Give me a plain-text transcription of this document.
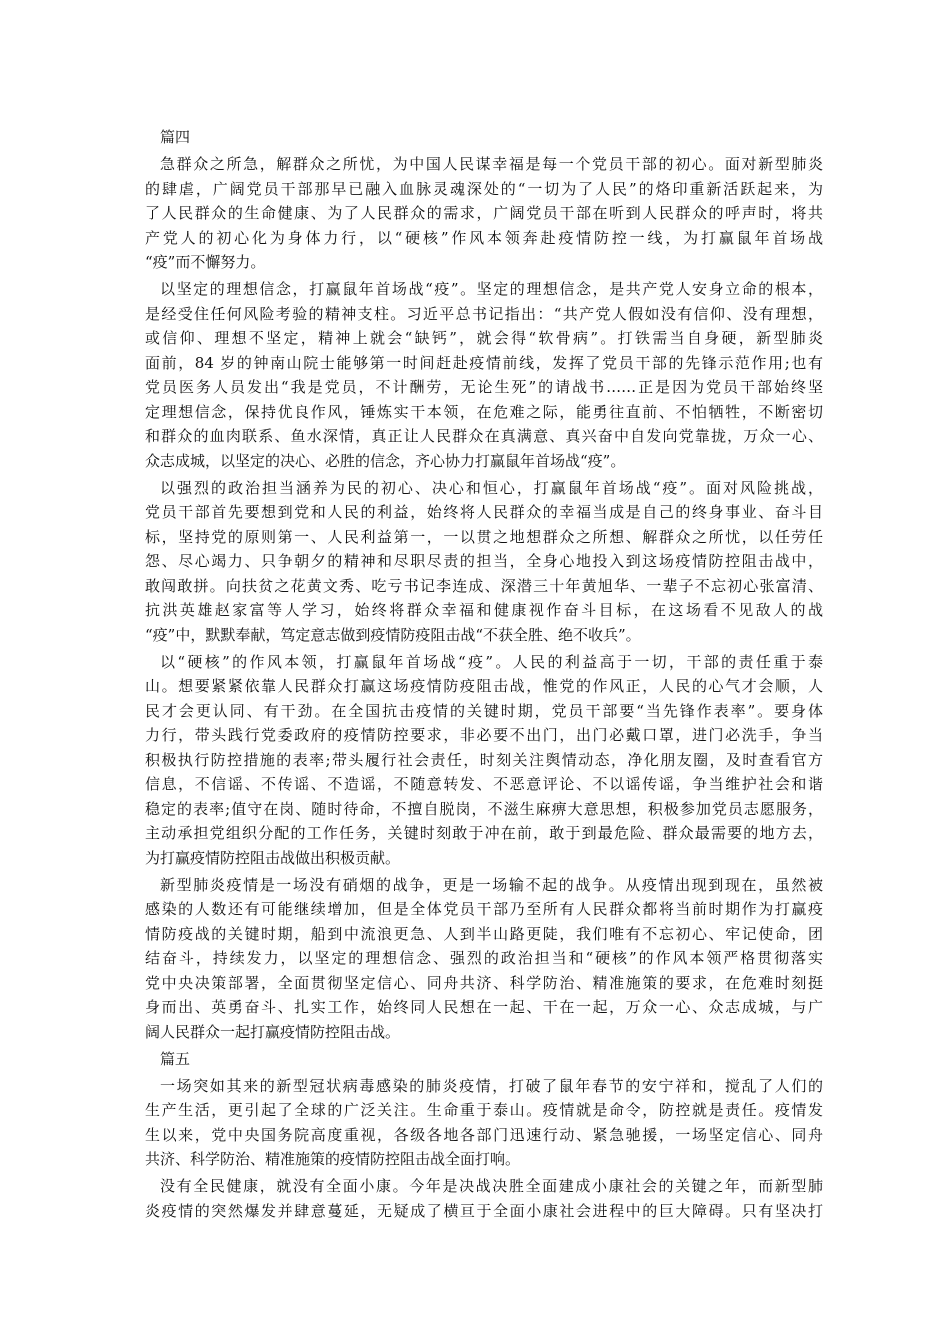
篇四
急群众之所急，解群众之所忧，为中国人民谋幸福是每一个党员干部的初心。面对新型肺炎
的肆虐，广阔党员干部那早已融入血脉灵魂深处的“一切为了人民”的烙印重新活跃起来，为
了人民群众的生命健康、为了人民群众的需求，广阔党员干部在听到人民群众的呼声时，将共
产党人的初心化为身体力行，以“硬核”作风本领奔赴疫情防控一线，为打赢鼠年首场战
“疫”而不懈努力。
以坚定的理想信念，打赢鼠年首场战“疫”。坚定的理想信念，是共产党人安身立命的根本，
是经受住任何风险考验的精神支柱。习近平总书记指出：“共产党人假如没有信仰、没有理想，
或信仰、理想不坚定，精神上就会“缺钙”，就会得“软骨病”。打铁需当自身硬，新型肺炎
面前，84 岁的钟南山院士能够第一时间赶赴疫情前线，发挥了党员干部的先锋示范作用;也有
党员医务人员发出“我是党员，不计酬劳，无论生死”的请战书……正是因为党员干部始终坚
定理想信念，保持优良作风，锤炼实干本领，在危难之际，能勇往直前、不怕牺牲，不断密切
和群众的血肉联系、鱼水深情，真正让人民群众在真满意、真兴奋中自发向党靠拢，万众一心、
众志成城，以坚定的决心、必胜的信念，齐心协力打赢鼠年首场战“疫”。
以强烈的政治担当涵养为民的初心、决心和恒心，打赢鼠年首场战“疫”。面对风险挑战，
党员干部首先要想到党和人民的利益，始终将人民群众的幸福当成是自己的终身事业、奋斗目
标，坚持党的原则第一、人民利益第一，一以贯之地想群众之所想、解群众之所忧，以任劳任
怨、尽心竭力、只争朝夕的精神和尽职尽责的担当，全身心地投入到这场疫情防控阻击战中，
敢闯敢拼。向扶贫之花黄文秀、吃亏书记李连成、深潜三十年黄旭华、一辈子不忘初心张富清、
抗洪英雄赵家富等人学习，始终将群众幸福和健康视作奋斗目标，在这场看不见敌人的战
“疫”中，默默奉献，笃定意志做到疫情防疫阻击战“不获全胜、绝不收兵”。
以“硬核”的作风本领，打赢鼠年首场战“疫”。人民的利益高于一切，干部的责任重于泰
山。想要紧紧依靠人民群众打赢这场疫情防疫阻击战，惟党的作风正，人民的心气才会顺，人
民才会更认同、有干劲。在全国抗击疫情的关键时期，党员干部要“当先锋作表率”。要身体
力行，带头践行党委政府的疫情防控要求，非必要不出门，出门必戴口罩，进门必洗手，争当
积极执行防控措施的表率;带头履行社会责任，时刻关注舆情动态，净化朋友圈，及时查看官方
信息，不信谣、不传谣、不造谣，不随意转发、不恶意评论、不以谣传谣，争当维护社会和谐
稳定的表率;值守在岗、随时待命，不擅自脱岗，不滋生麻痹大意思想，积极参加党员志愿服务，
主动承担党组织分配的工作任务，关键时刻敢于冲在前，敢于到最危险、群众最需要的地方去，
为打赢疫情防控阻击战做出积极贡献。
新型肺炎疫情是一场没有硝烟的战争，更是一场输不起的战争。从疫情出现到现在，虽然被
感染的人数还有可能继续增加，但是全体党员干部乃至所有人民群众都将当前时期作为打赢疫
情防疫战的关键时期，船到中流浪更急、人到半山路更陡，我们唯有不忘初心、牢记使命，团
结奋斗，持续发力，以坚定的理想信念、强烈的政治担当和“硬核”的作风本领严格贯彻落实
党中央决策部署，全面贯彻坚定信心、同舟共济、科学防治、精准施策的要求，在危难时刻挺
身而出、英勇奋斗、扎实工作，始终同人民想在一起、干在一起，万众一心、众志成城，与广
阔人民群众一起打赢疫情防控阻击战。
篇五
一场突如其来的新型冠状病毒感染的肺炎疫情，打破了鼠年春节的安宁祥和，搅乱了人们的
生产生活，更引起了全球的广泛关注。生命重于泰山。疫情就是命令，防控就是责任。疫情发
生以来，党中央国务院高度重视，各级各地各部门迅速行动、紧急驰援，一场坚定信心、同舟
共济、科学防治、精准施策的疫情防控阻击战全面打响。
没有全民健康，就没有全面小康。今年是决战决胜全面建成小康社会的关键之年，而新型肺
炎疫情的突然爆发并肆意蔓延，无疑成了横亘于全面小康社会进程中的巨大障碍。只有坚决打
